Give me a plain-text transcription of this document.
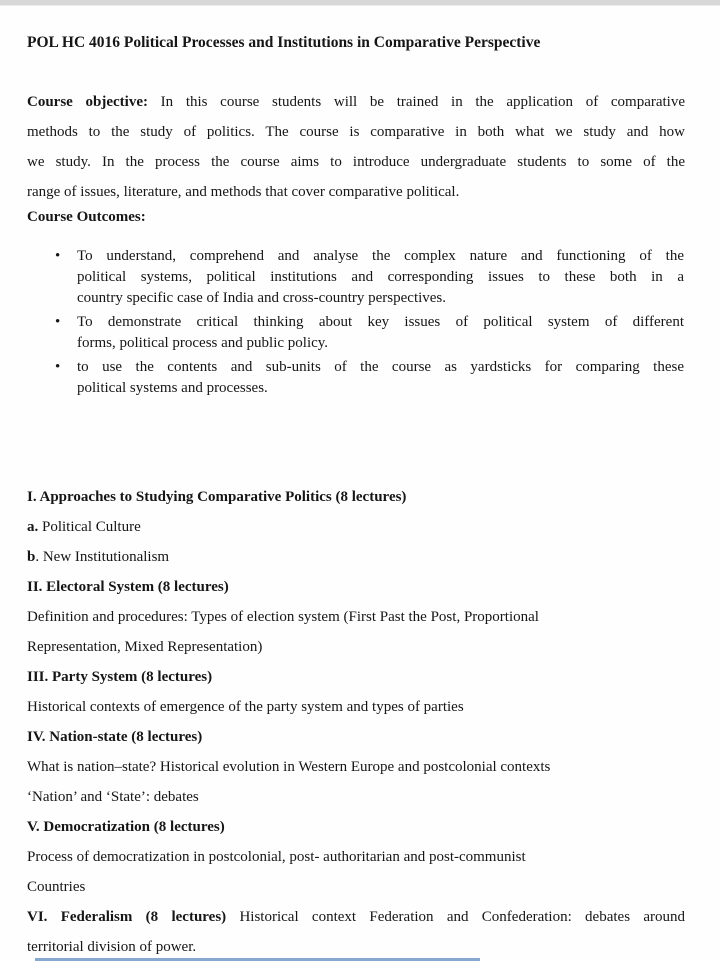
POL HC 4016 Political Processes and Institutions in Comparative Perspective
Course objective: In this course students will be trained in the application of comparative
methods to the study of politics. The course is comparative in both what we study and how
we study. In the process the course aims to introduce undergraduate students to some of the
range of issues, literature, and methods that cover comparative political.
Course Outcomes:
• To understand, comprehend and analyse the complex nature and functioning of the
political systems, political institutions and corresponding issues to these both in a
country specific case of India and cross-country perspectives.
• To demonstrate critical thinking about key issues of political system of different
forms, political process and public policy.
• to use the contents and sub-units of the course as yardsticks for comparing these
political systems and processes.
I. Approaches to Studying Comparative Politics (8 lectures)
a. Political Culture
b. New Institutionalism
II. Electoral System (8 lectures)
Definition and procedures: Types of election system (First Past the Post, Proportional
Representation, Mixed Representation)
III. Party System (8 lectures)
Historical contexts of emergence of the party system and types of parties
IV. Nation-state (8 lectures)
What is nation–state? Historical evolution in Western Europe and postcolonial contexts
‘Nation’ and ‘State’: debates
V. Democratization (8 lectures)
Process of democratization in postcolonial, post- authoritarian and post-communist
Countries
VI. Federalism (8 lectures) Historical context Federation and Confederation: debates around
territorial division of power.
